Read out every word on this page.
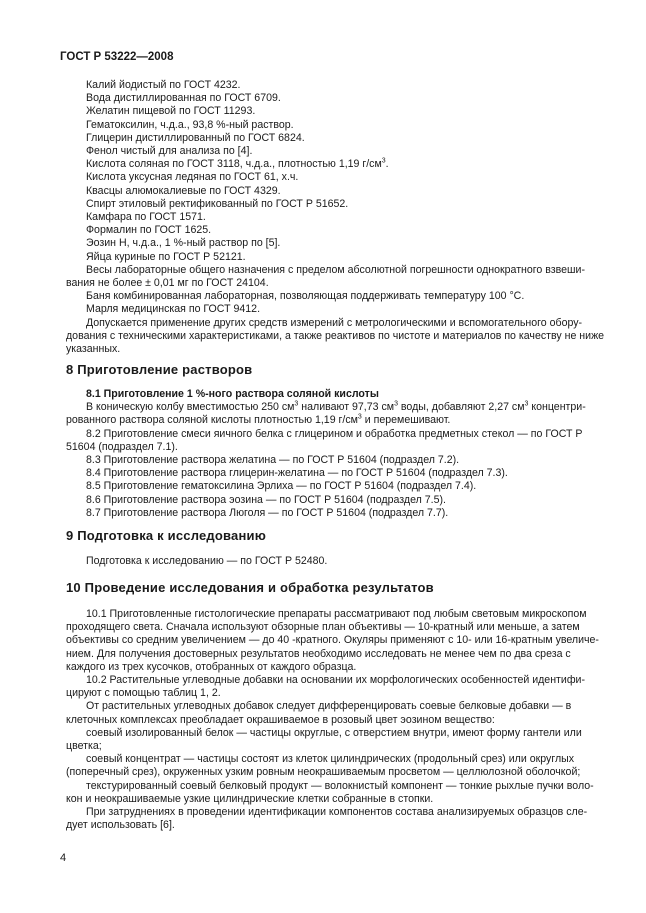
ГОСТ Р 53222—2008
Калий йодистый по ГОСТ 4232.
Вода дистиллированная по ГОСТ 6709.
Желатин пищевой по ГОСТ 11293.
Гематоксилин, ч.д.а., 93,8 %-ный раствор.
Глицерин дистиллированный по ГОСТ 6824.
Фенол чистый для анализа по [4].
Кислота соляная по ГОСТ 3118, ч.д.а., плотностью 1,19 $г/см^3$.
Кислота уксусная ледяная по ГОСТ 61, х.ч.
Квасцы алюмокалиевые по ГОСТ 4329.
Спирт этиловый ректификованный по ГОСТ Р 51652.
Камфара по ГОСТ 1571.
Формалин по ГОСТ 1625.
Эозин Н, ч.д.а., 1 %-ный раствор по [5].
Яйца куриные по ГОСТ Р 52121.
Весы лабораторные общего назначения с пределом абсолютной погрешности однократного взвеши-
вания не более ± 0,01 мг по ГОСТ 24104.
Баня комбинированная лабораторная, позволяющая поддерживать температуру 100 °С.
Марля медицинская по ГОСТ 9412.
Допускается применение других средств измерений с метрологическими и вспомогательного обору-
дования с техническими характеристиками, а также реактивов по чистоте и материалов по качеству не ниже
указанных.
8 Приготовление растворов
8.1 Приготовление 1 %-ного раствора соляной кислоты
В коническую колбу вместимостью 250 $см^3$ наливают 97,73 $см^3$ воды, добавляют 2,27 $см^3$ концентри-
рованного раствора соляной кислоты плотностью 1,19 $г/см^3$ и перемешивают.
8.2 Приготовление смеси яичного белка с глицерином и обработка предметных стекол — по ГОСТ Р
51604 (подраздел 7.1).
8.3 Приготовление раствора желатина — по ГОСТ Р 51604 (подраздел 7.2).
8.4 Приготовление раствора глицерин-желатина — по ГОСТ Р 51604 (подраздел 7.3).
8.5 Приготовление гематоксилина Эрлиха — по ГОСТ Р 51604 (подраздел 7.4).
8.6 Приготовление раствора эозина — по ГОСТ Р 51604 (подраздел 7.5).
8.7 Приготовление раствора Люголя — по ГОСТ Р 51604 (подраздел 7.7).
9 Подготовка к исследованию
Подготовка к исследованию — по ГОСТ Р 52480.
10 Проведение исследования и обработка результатов
10.1 Приготовленные гистологические препараты рассматривают под любым световым микроскопом
проходящего света. Сначала используют обзорные план объективы — 10-кратный или меньше, а затем
объективы со средним увеличением — до 40 -кратного. Окуляры применяют с 10- или 16-кратным увеличе-
нием. Для получения достоверных результатов необходимо исследовать не менее чем по два среза с
каждого из трех кусочков, отобранных от каждого образца.
10.2 Растительные углеводные добавки на основании их морфологических особенностей идентифи-
цируют с помощью таблиц 1, 2.
От растительных углеводных добавок следует дифференцировать соевые белковые добавки — в
клеточных комплексах преобладает окрашиваемое в розовый цвет эозином вещество:
соевый изолированный белок — частицы округлые, с отверстием внутри, имеют форму гантели или
цветка;
соевый концентрат — частицы состоят из клеток цилиндрических (продольный срез) или округлых
(поперечный срез), окруженных узким ровным неокрашиваемым просветом — целлюлозной оболочкой;
текстурированный соевый белковый продукт — волокнистый компонент — тонкие рыхлые пучки воло-
кон и неокрашиваемые узкие цилиндрические клетки собранные в стопки.
При затруднениях в проведении идентификации компонентов состава анализируемых образцов сле-
дует использовать [6].
4
